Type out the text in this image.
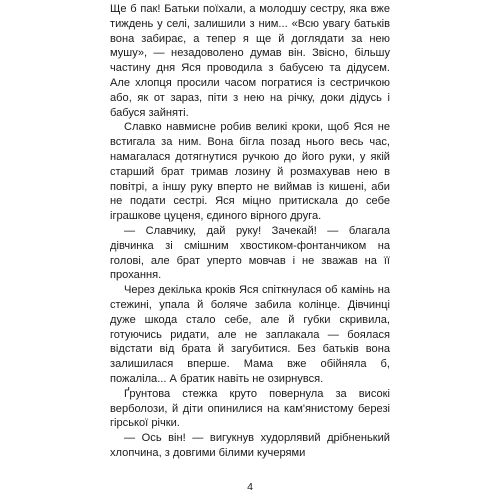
Ще б пак! Батьки поїхали, а молодшу сестру, яка вже тиждень у селі, залишили з ним... «Всю увагу батьків вона забирає, а тепер я ще й доглядати за нею мушу», — незадоволено думав він. Звісно, більшу частину дня Яся проводила з бабусею та дідусем. Але хлопця просили часом погратися із сестричкою або, як от зараз, піти з нею на річку, доки дідусь і бабуся зайняті.

Славко навмисне робив великі кроки, щоб Яся не встигала за ним. Вона бігла позад нього весь час, намагалася дотягнутися ручкою до його руки, у якій старший брат тримав лозину й розмахував нею в повітрі, а іншу руку вперто не виймав із кишені, аби не подати сестрі. Яся міцно притискала до себе іграшкове цуценя, єдиного вірного друга.

— Славчику, дай руку! Зачекай! — благала дівчинка зі смішним хвостиком-фонтанчиком на голові, але брат уперто мовчав і не зважав на її прохання.

Через декілька кроків Яся спіткнулася об камінь на стежині, упала й боляче забила колінце. Дівчинці дуже шкода стало себе, але й губки скривила, готуючись ридати, але не заплакала — боялася відстати від брата й загубитися. Без батьків вона залишилася вперше. Мама вже обійняла б, пожаліла... А братик навіть не озирнувся.

Ґрунтова стежка круто повернула за високі верболози, й діти опинилися на кам'янистому березі гірської річки.

— Ось він! — вигукнув худорлявий дрібненький хлопчина, з довгими білими кучерями

4
